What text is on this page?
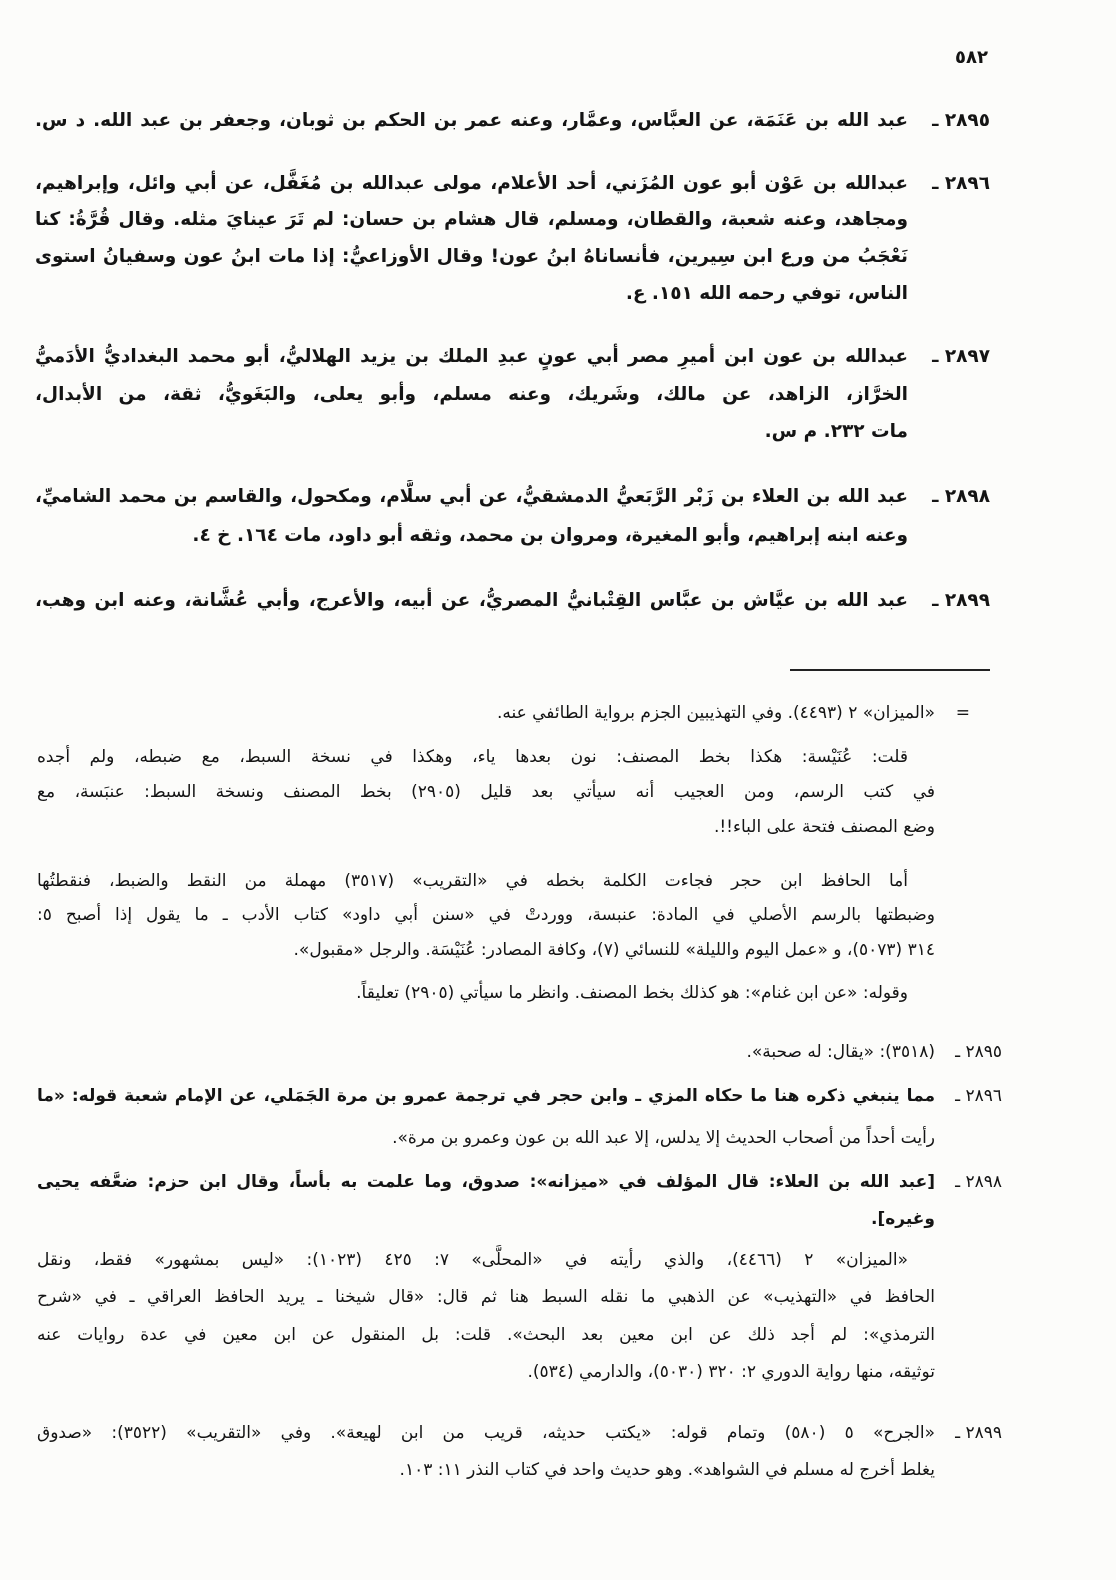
٥٨٢
٢٨٩٥ ـ
عبد الله بن عَنَمَة، عن العبَّاس، وعمَّار، وعنه عمر بن الحكم بن ثوبان، وجعفر بن عبد الله. د س.
٢٨٩٦ ـ
عبدالله بن عَوْن أبو عون المُزَني، أحد الأعلام، مولى عبدالله بن مُغَفَّل، عن أبي وائل، وإبراهيم،
ومجاهد، وعنه شعبة، والقطان، ومسلم، قال هشام بن حسان: لم تَرَ عينايَ مثله. وقال قُرَّةُ: كنا
نَعْجَبُ من ورع ابن سِيرين، فأنساناهُ ابنُ عون! وقال الأوزاعيُّ: إذا مات ابنُ عون وسفيانُ استوى
الناس، توفي رحمه الله ١٥١. ع.
٢٨٩٧ ـ
عبدالله بن عون ابن أميرِ مصر أبي عونٍ عبدِ الملك بن يزيد الهلاليُّ، أبو محمد البغداديُّ الأدَميُّ
الخرَّاز، الزاهد، عن مالك، وشَريك، وعنه مسلم، وأبو يعلى، والبَغَويُّ، ثقة، من الأبدال،
مات ٢٣٢. م س.
٢٨٩٨ ـ
عبد الله بن العلاء بن زَبْر الرَّبَعيُّ الدمشقيُّ، عن أبي سلَّام، ومكحول، والقاسم بن محمد الشاميِّ،
وعنه ابنه إبراهيم، وأبو المغيرة، ومروان بن محمد، وثقه أبو داود، مات ١٦٤. خ ٤.
٢٨٩٩ ـ
عبد الله بن عيَّاش بن عبَّاس القِتْبانيُّ المصريُّ، عن أبيه، والأعرج، وأبي عُشَّانة، وعنه ابن وهب،
=
«الميزان» ٢ (٤٤٩٣). وفي التهذيبين الجزم برواية الطائفي عنه.
قلت: عُنَيْسة: هكذا بخط المصنف: نون بعدها ياء، وهكذا في نسخة السبط، مع ضبطه، ولم أجده
في كتب الرسم، ومن العجيب أنه سيأتي بعد قليل (٢٩٠٥) بخط المصنف ونسخة السبط: عنبَسة، مع
وضع المصنف فتحة على الباء!!.
أما الحافظ ابن حجر فجاءت الكلمة بخطه في «التقريب» (٣٥١٧) مهملة من النقط والضبط، فنقطتُها
وضبطتها بالرسم الأصلي في المادة: عنبسة، ووردتْ في «سنن أبي داود» كتاب الأدب ـ ما يقول إذا أصبح ٥:
٣١٤ (٥٠٧٣)، و «عمل اليوم والليلة» للنسائي (٧)، وكافة المصادر: عُنَيْسَة. والرجل «مقبول».
وقوله: «عن ابن غنام»: هو كذلك بخط المصنف. وانظر ما سيأتي (٢٩٠٥) تعليقاً.
٢٨٩٥ ـ
(٣٥١٨): «يقال: له صحبة».
٢٨٩٦ ـ
مما ينبغي ذكره هنا ما حكاه المزي ـ وابن حجر في ترجمة عمرو بن مرة الجَمَلي، عن الإمام شعبة قوله: «ما
رأيت أحداً من أصحاب الحديث إلا يدلس، إلا عبد الله بن عون وعمرو بن مرة».
٢٨٩٨ ـ
[عبد الله بن العلاء: قال المؤلف في «ميزانه»: صدوق، وما علمت به بأساً، وقال ابن حزم: ضعَّفه يحيى
وغيره].
«الميزان» ٢ (٤٤٦٦)، والذي رأيته في «المحلَّى» ٧: ٤٢٥ (١٠٢٣): «ليس بمشهور» فقط، ونقل
الحافظ في «التهذيب» عن الذهبي ما نقله السبط هنا ثم قال: «قال شيخنا ـ يريد الحافظ العراقي ـ في «شرح
الترمذي»: لم أجد ذلك عن ابن معين بعد البحث». قلت: بل المنقول عن ابن معين في عدة روايات عنه
توثيقه، منها رواية الدوري ٢: ٣٢٠ (٥٠٣٠)، والدارمي (٥٣٤).
٢٨٩٩ ـ
«الجرح» ٥ (٥٨٠) وتمام قوله: «يكتب حديثه، قريب من ابن لهيعة». وفي «التقريب» (٣٥٢٢): «صدوق
يغلط أخرج له مسلم في الشواهد». وهو حديث واحد في كتاب النذر ١١: ١٠٣.
